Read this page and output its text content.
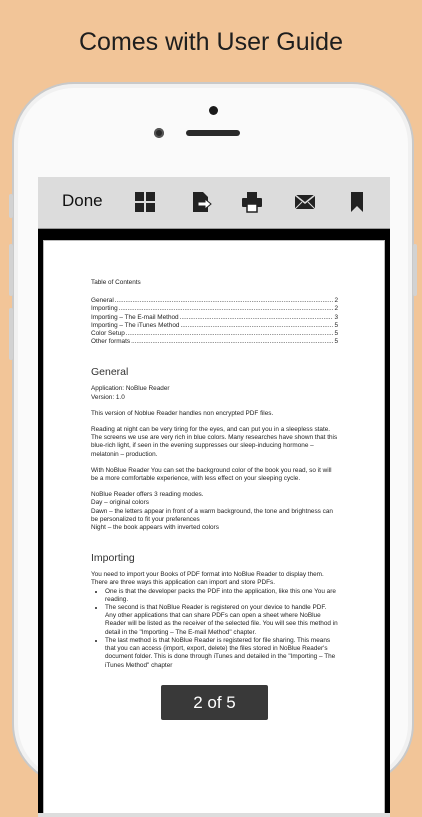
Comes with User Guide
Done
Table of Contents
General .....	2
Importing .....	2
Importing – The E-mail Method .....	3
Importing – The iTunes Method .....	5
Color Setup .....	5
Other formats .....	5
General

Application: NoBlue Reader
Version: 1.0

This version of Noblue Reader handles non encrypted PDF files.

Reading at night can be very tiring for the eyes, and can put you in a sleepless state. The screens we use are very rich in blue colors. Many researches have shown that this blue-rich light, if seen in the evening suppresses our sleep-inducing hormone – melatonin – production.

With NoBlue Reader You can set the background color of the book you read, so it will be a more comfortable experience, with less effect on your sleeping cycle.

NoBlue Reader offers 3 reading modes.
Day – original colors
Dawn – the letters appear in front of a warm background, the tone and brightness can be personalized to fit your preferences
Night – the book appears with inverted colors

Importing

You need to import your Books of PDF format into NoBlue Reader to display them. There are three ways this application can import and store PDFs.

• One is that the developer packs the PDF into the application, like this one You are reading.
• The second is that NoBlue Reader is registered on your device to handle PDF. Any other applications that can share PDFs can open a sheet where NoBlue Reader will be listed as the receiver of the selected file. You will see this method in detail in the "Importing – The E-mail Method" chapter.
• The last method is that NoBlue Reader is registered for file sharing. This means that you can access (import, export, delete) the files stored in NoBlue Reader's document folder. This is done through iTunes and detailed in the "Importing – The iTunes Method" chapter
2 of 5
